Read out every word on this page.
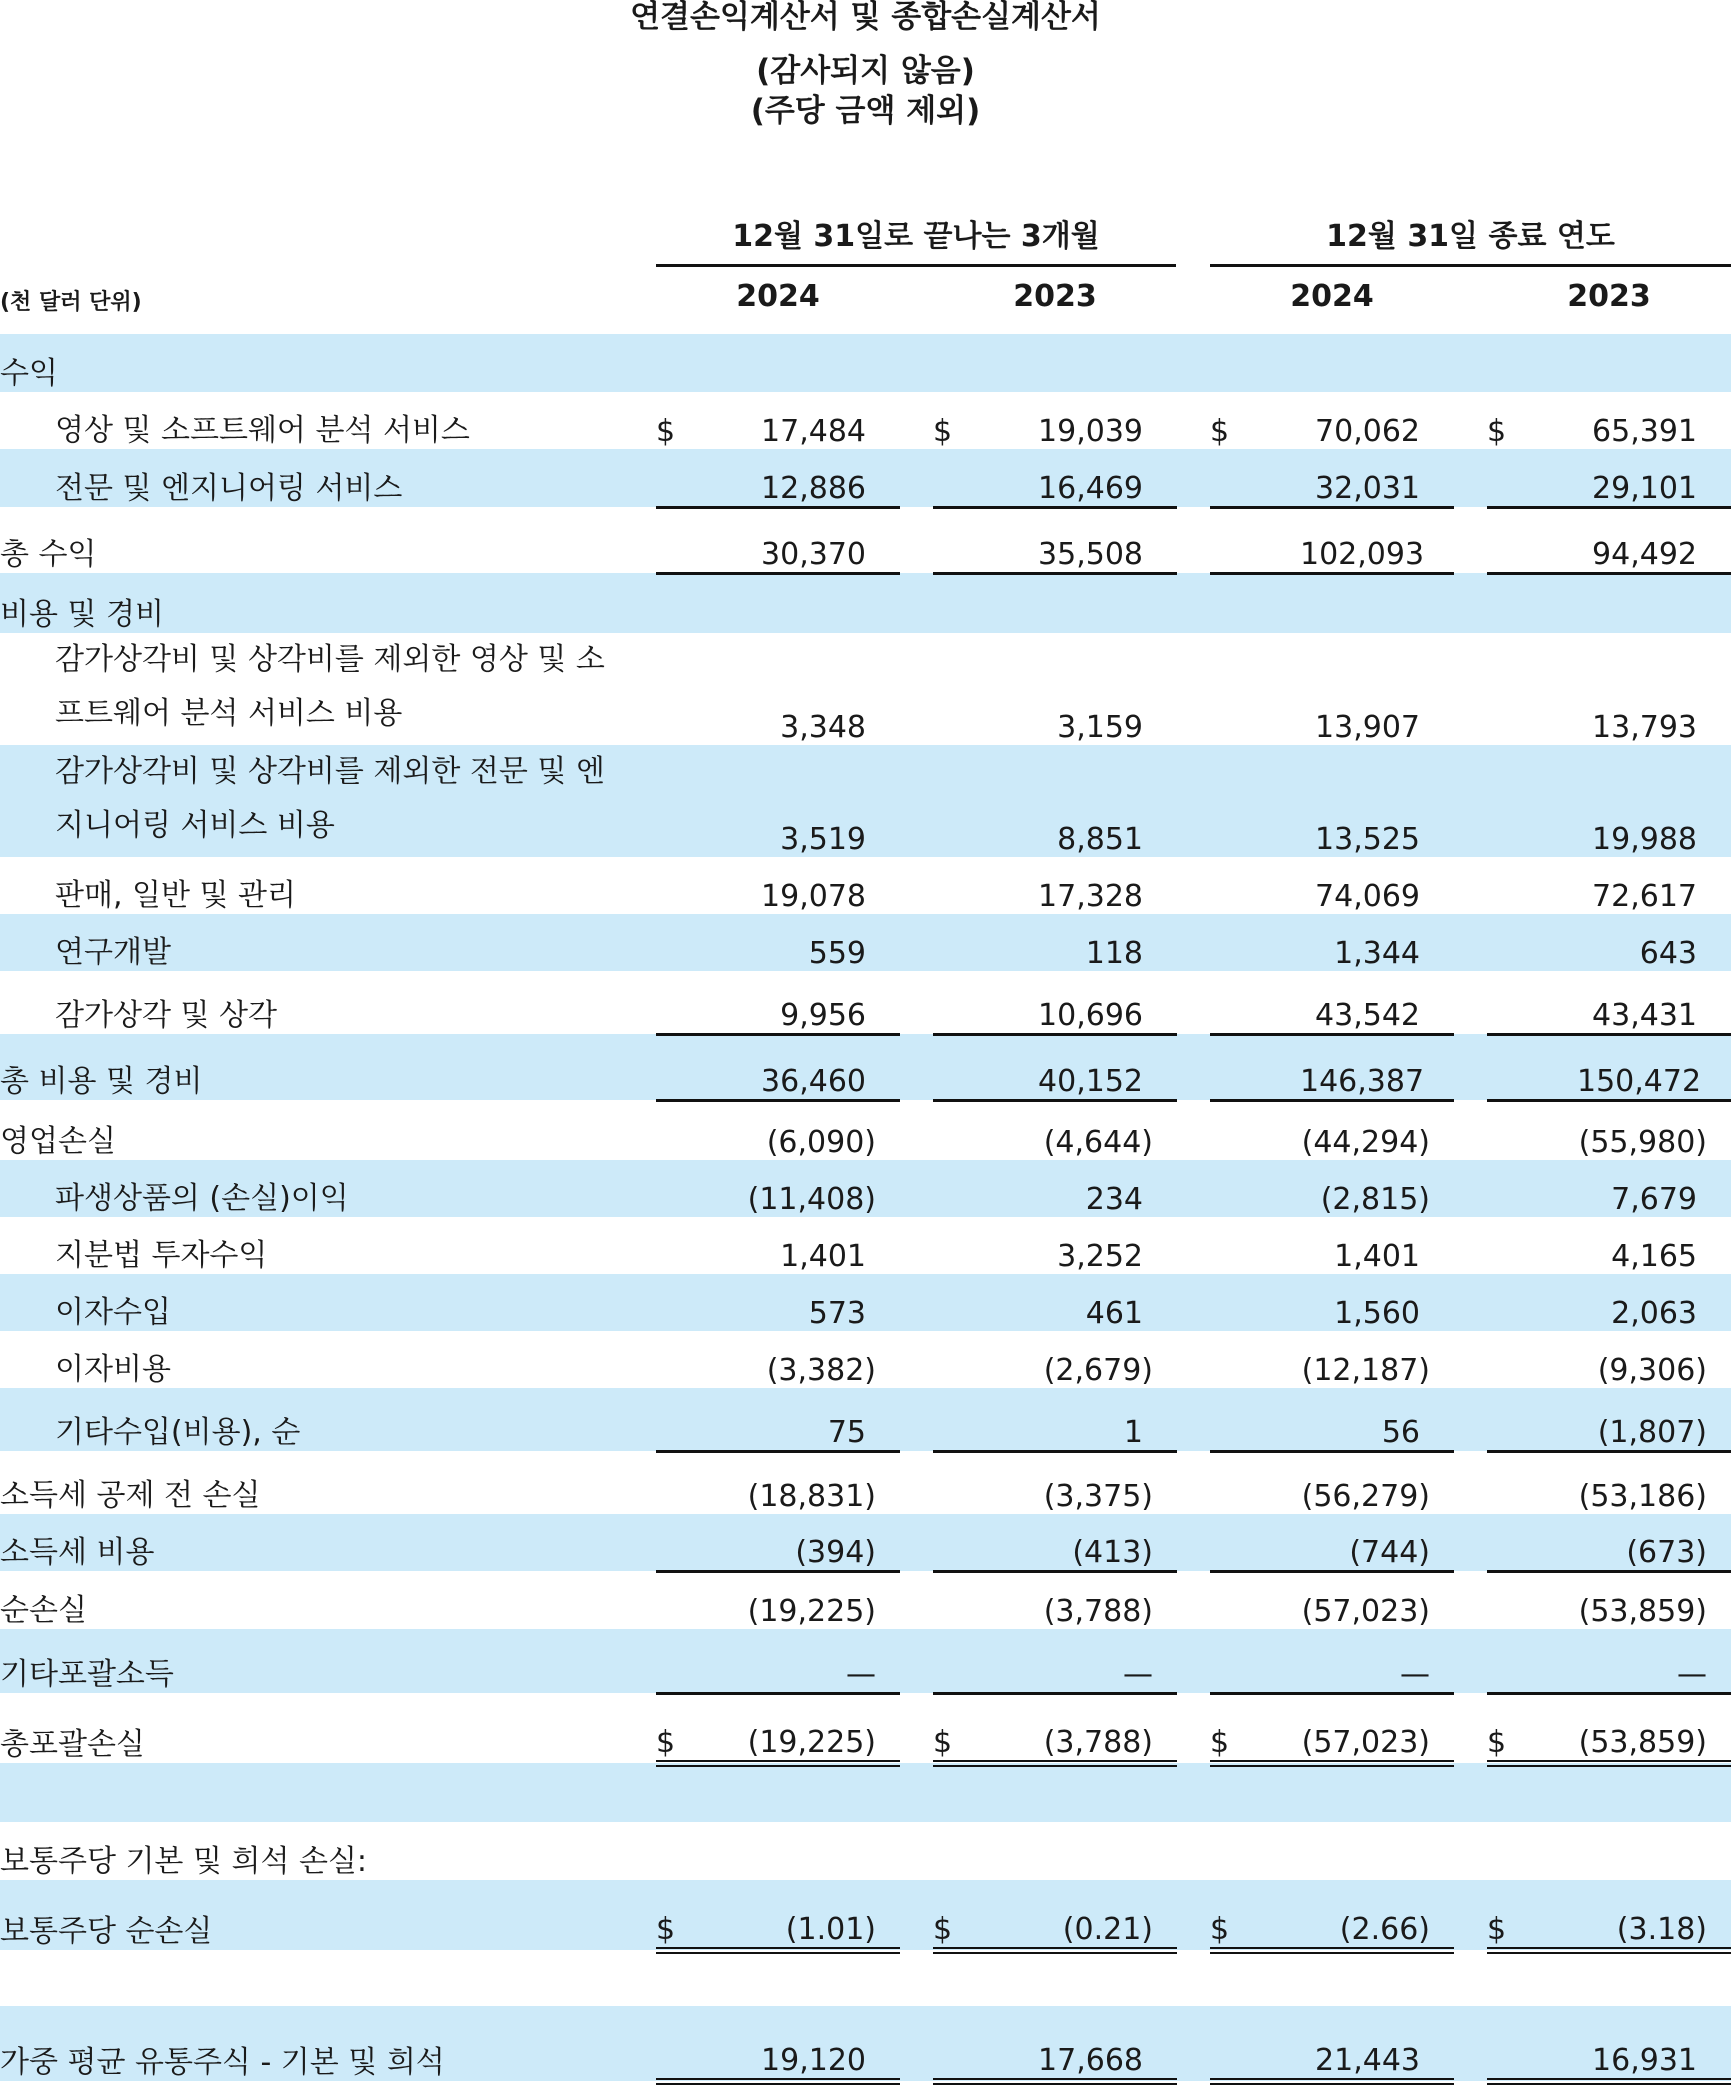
연결손익계산서 및 종합손실계산서
(감사되지 않음)
(주당 금액 제외)
12월 31일로 끝나는 3개월	12월 31일 종료 연도
(천 달러 단위)	2024	2023	2024	2023
수익											
영상 및 소프트웨어 분석 서비스	$	17,484		$	19,039		$	70,062		$	65,391
전문 및 엔지니어링 서비스		12,886			16,469			32,031			29,101
총 수익		30,370			35,508			102,093			94,492
비용 및 경비											
감가상각비 및 상각비를 제외한 영상 및 소
프트웨어 분석 서비스 비용		3,348			3,159			13,907			13,793
감가상각비 및 상각비를 제외한 전문 및 엔
지니어링 서비스 비용		3,519			8,851			13,525			19,988
판매, 일반 및 관리		19,078			17,328			74,069			72,617
연구개발		559			118			1,344			643
감가상각 및 상각		9,956			10,696			43,542			43,431
총 비용 및 경비		36,460			40,152			146,387			150,472
영업손실		(6,090)			(4,644)			(44,294)			(55,980)
파생상품의 (손실)이익		(11,408)			234			(2,815)			7,679
지분법 투자수익		1,401			3,252			1,401			4,165
이자수입		573			461			1,560			2,063
이자비용		(3,382)			(2,679)			(12,187)			(9,306)
기타수입(비용), 순		75			1			56			(1,807)
소득세 공제 전 손실		(18,831)			(3,375)			(56,279)			(53,186)
소득세 비용		(394)			(413)			(744)			(673)
순손실		(19,225)			(3,788)			(57,023)			(53,859)
기타포괄소득		—			—			—			—
총포괄손실	$	(19,225)		$	(3,788)		$	(57,023)		$	(53,859)

보통주당 기본 및 희석 손실:											
보통주당 순손실	$	(1.01)		$	(0.21)		$	(2.66)		$	(3.18)

가중 평균 유통주식 - 기본 및 희석		19,120			17,668			21,443			16,931
